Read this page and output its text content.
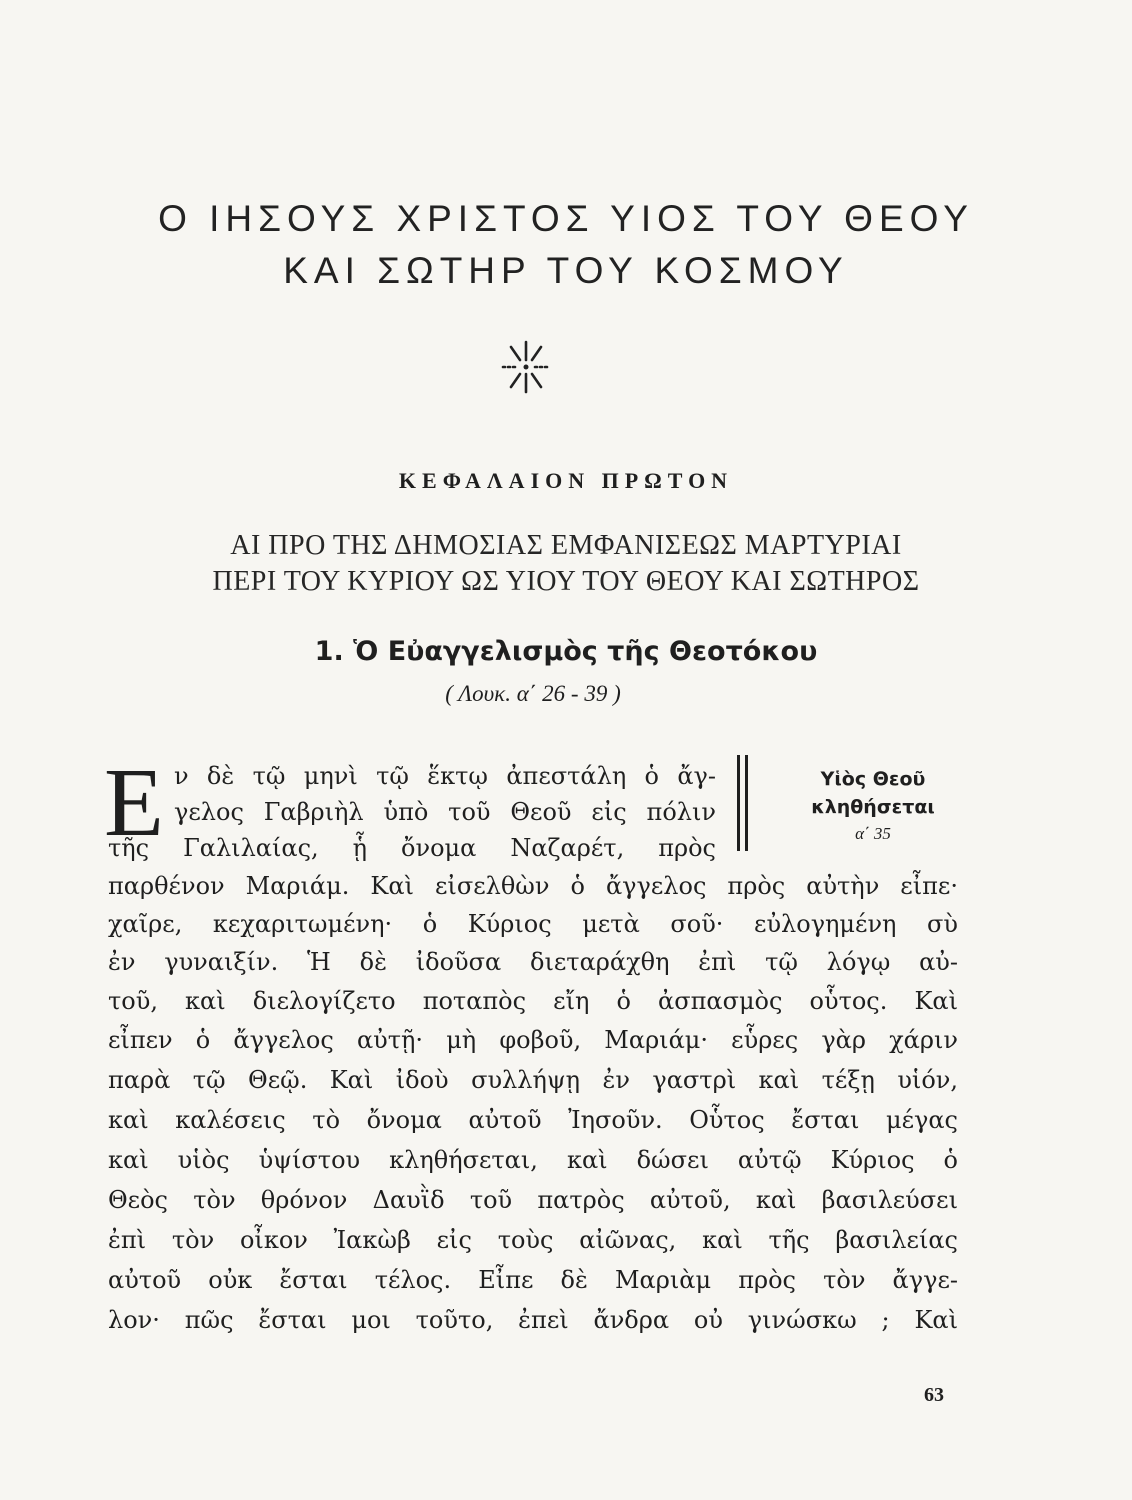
Ο ΙΗΣΟΥΣ ΧΡΙΣΤΟΣ ΥΙΟΣ ΤΟΥ ΘΕΟΥ
ΚΑΙ ΣΩΤΗΡ ΤΟΥ ΚΟΣΜΟΥ
ΚΕΦΑΛΑΙΟΝ ΠΡΩΤΟΝ
ΑΙ ΠΡΟ ΤΗΣ ΔΗΜΟΣΙΑΣ ΕΜΦΑΝΙΣΕΩΣ ΜΑΡΤΥΡΙΑΙ
ΠΕΡΙ ΤΟΥ ΚΥΡΙΟΥ ΩΣ ΥΙΟΥ ΤΟΥ ΘΕΟΥ ΚΑΙ ΣΩΤΗΡΟΣ
1. Ὁ Εὐαγγελισμὸς τῆς Θεοτόκου
( Λουκ. α΄ 26 - 39 )
Ε ν δὲ τῷ μηνὶ τῷ ἕκτῳ ἀπεστάλη ὁ ἄγ-
γελος Γαβριὴλ ὑπὸ τοῦ Θεοῦ εἰς πόλιν
τῆς Γαλιλαίας, ᾗ ὄνομα Ναζαρέτ, πρὸς
παρθένον Μαριάμ. Καὶ εἰσελθὼν ὁ ἄγγελος πρὸς αὐτὴν εἶπε·
χαῖρε, κεχαριτωμένη· ὁ Κύριος μετὰ σοῦ· εὐλογημένη σὺ
ἐν γυναιξίν. Ἡ δὲ ἰδοῦσα διεταράχθη ἐπὶ τῷ λόγῳ αὐ-
τοῦ, καὶ διελογίζετο ποταπὸς εἴη ὁ ἀσπασμὸς οὗτος. Καὶ
εἶπεν ὁ ἄγγελος αὐτῇ· μὴ φοβοῦ, Μαριάμ· εὗρες γὰρ χάριν
παρὰ τῷ Θεῷ. Καὶ ἰδοὺ συλλήψῃ ἐν γαστρὶ καὶ τέξῃ υἱόν,
καὶ καλέσεις τὸ ὄνομα αὐτοῦ Ἰησοῦν. Οὗτος ἔσται μέγας
καὶ υἱὸς ὑψίστου κληθήσεται, καὶ δώσει αὐτῷ Κύριος ὁ
Θεὸς τὸν θρόνον Δαυῒδ τοῦ πατρὸς αὐτοῦ, καὶ βασιλεύσει
ἐπὶ τὸν οἶκον Ἰακὼβ εἰς τοὺς αἰῶνας, καὶ τῆς βασιλείας
αὐτοῦ οὐκ ἔσται τέλος. Εἶπε δὲ Μαριὰμ πρὸς τὸν ἄγγε-
λον· πῶς ἔσται μοι τοῦτο, ἐπεὶ ἄνδρα οὐ γινώσκω ; Καὶ
Υἱὸς Θεοῦ
κληθήσεται
α΄ 35
63
